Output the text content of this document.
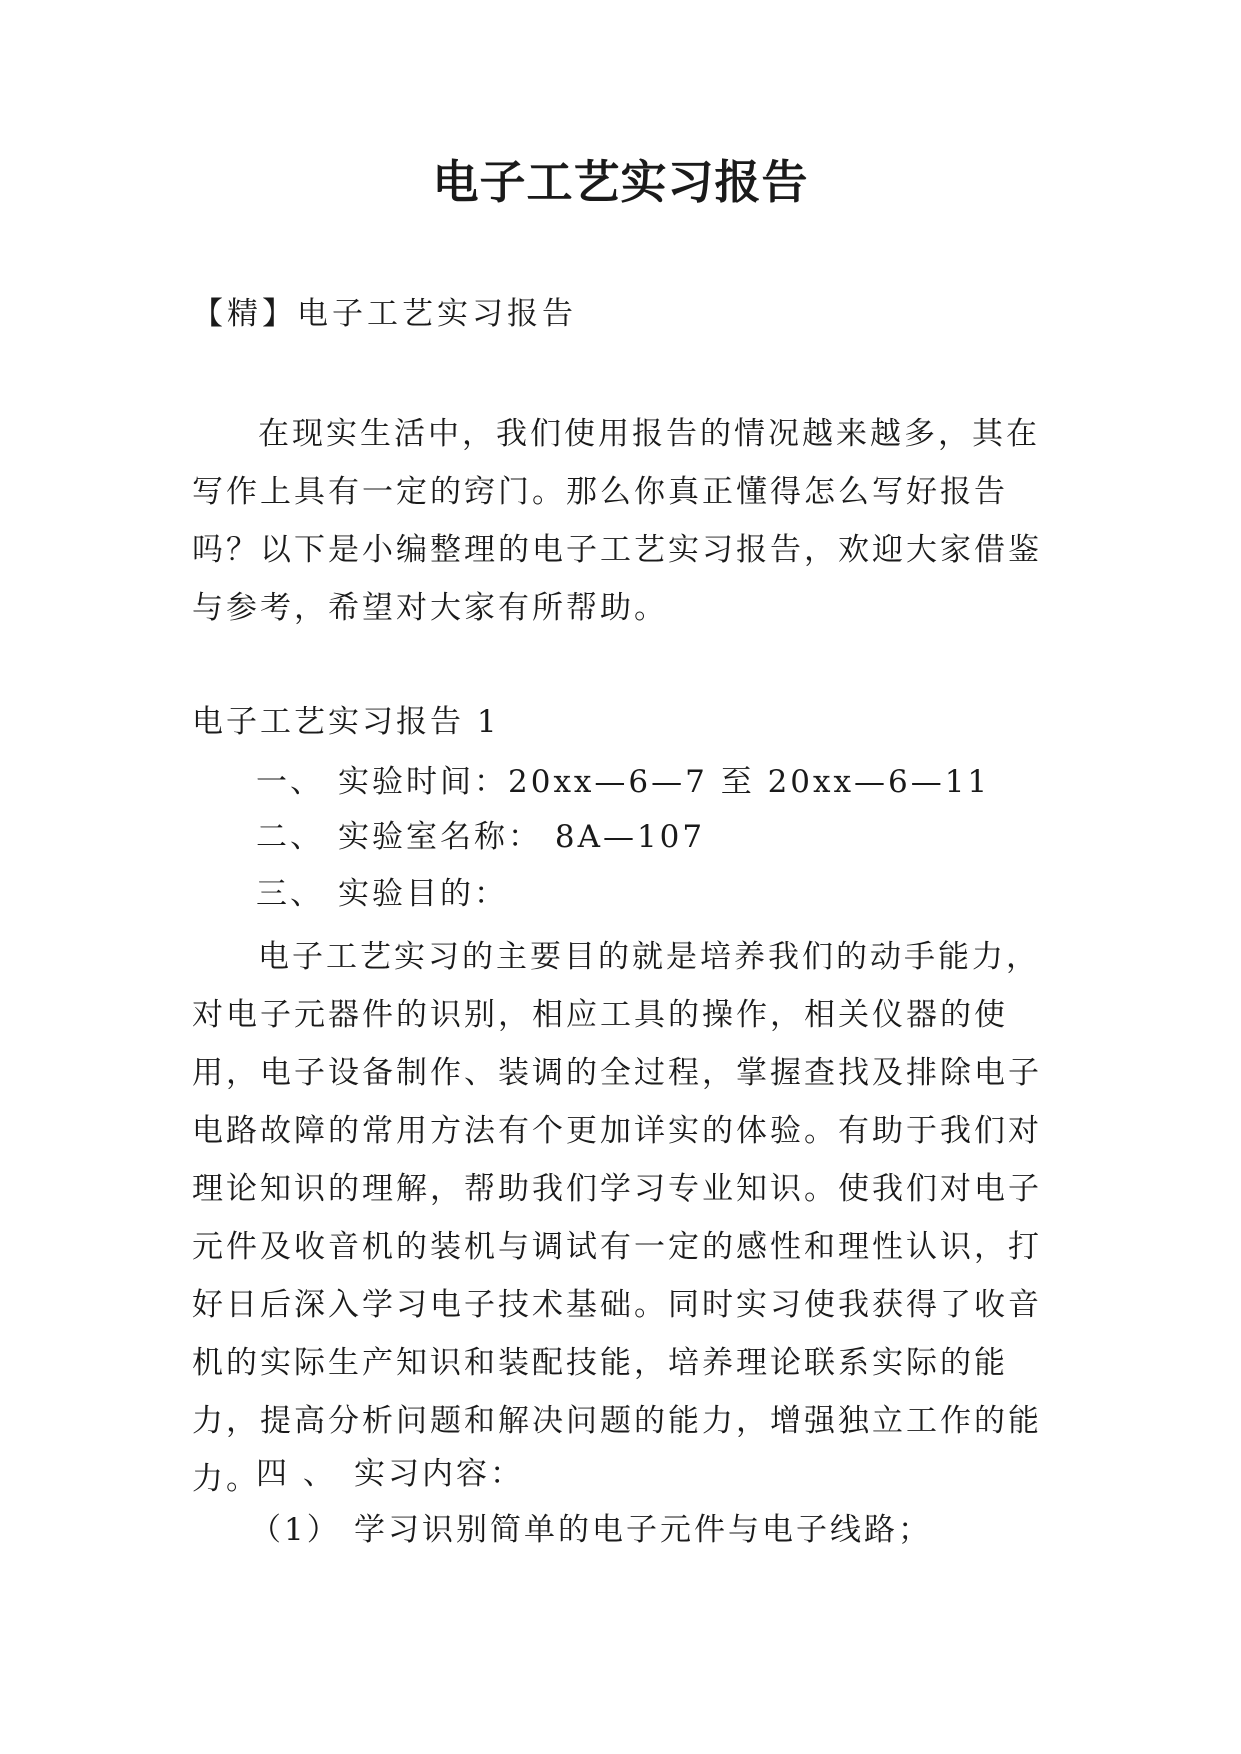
电子工艺实习报告

【精】电子工艺实习报告

在现实生活中，我们使用报告的情况越来越多，其在写作上具有一定的窍门。那么你真正懂得怎么写好报告吗？以下是小编整理的电子工艺实习报告，欢迎大家借鉴与参考，希望对大家有所帮助。

电子工艺实习报告 1

一、 实验时间：20xx—6—7 至 20xx—6—11

二、 实验室名称： 8A—107

三、 实验目的：

电子工艺实习的主要目的就是培养我们的动手能力，对电子元器件的识别，相应工具的操作，相关仪器的使用，电子设备制作、装调的全过程，掌握查找及排除电子电路故障的常用方法有个更加详实的体验。有助于我们对理论知识的理解，帮助我们学习专业知识。使我们对电子元件及收音机的装机与调试有一定的感性和理性认识，打好日后深入学习电子技术基础。同时实习使我获得了收音机的实际生产知识和装配技能，培养理论联系实际的能力，提高分析问题和解决问题的能力，增强独立工作的能力。

四 、 实习内容：

（1） 学习识别简单的电子元件与电子线路；
